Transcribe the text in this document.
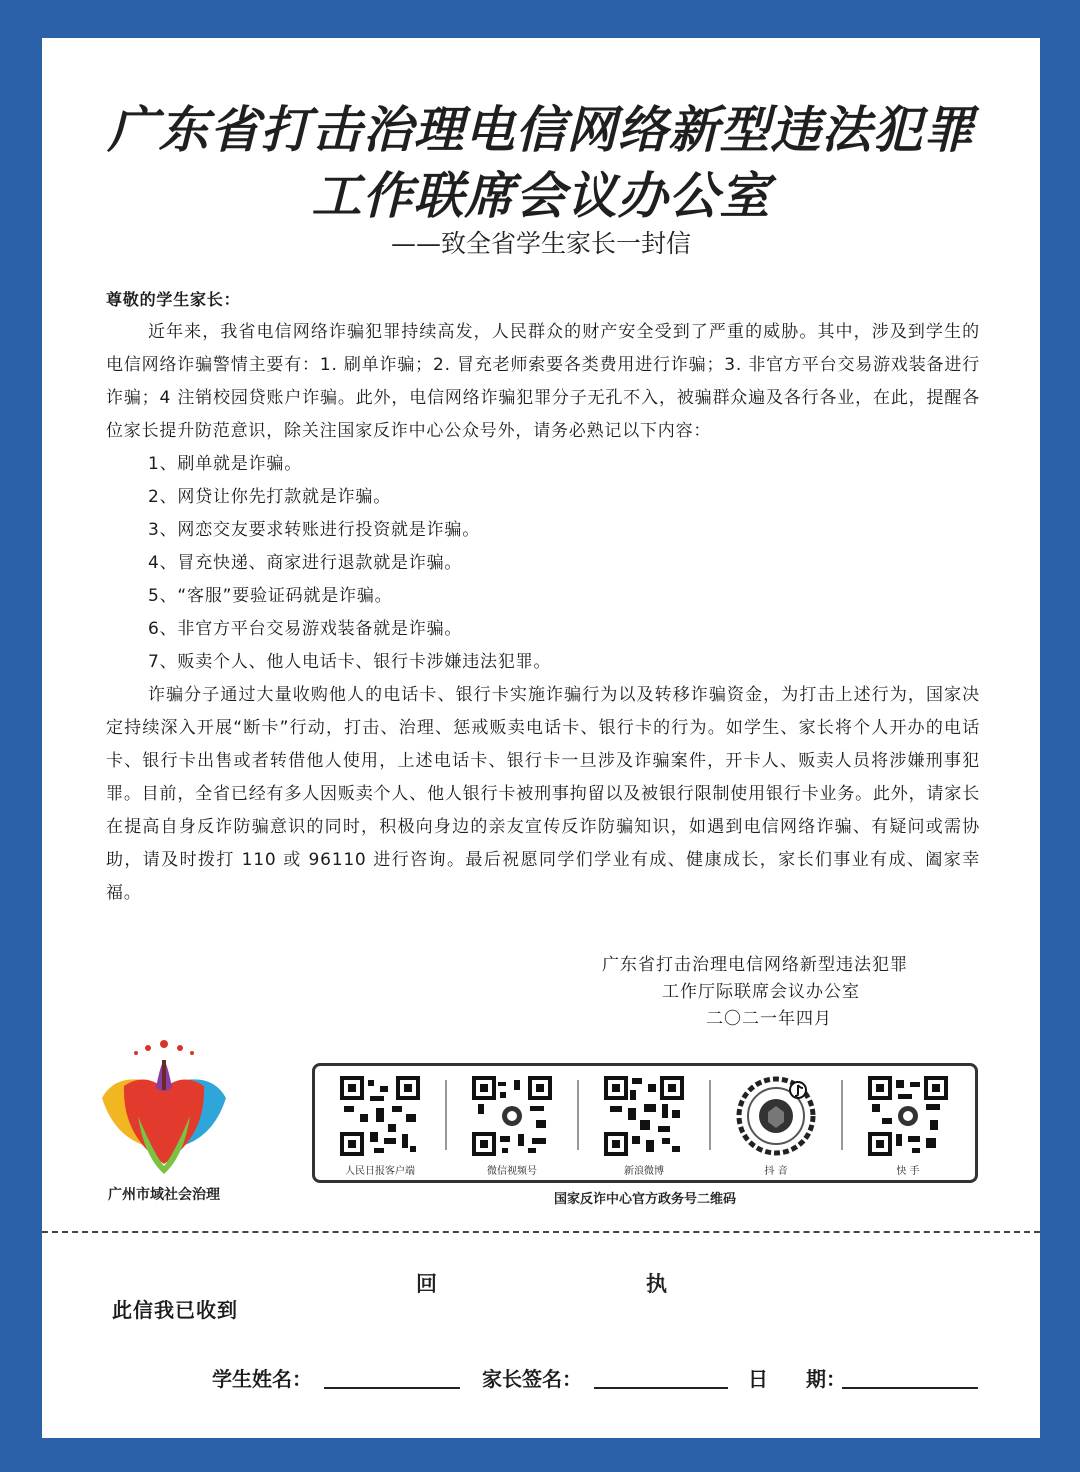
广东省打击治理电信网络新型违法犯罪
工作联席会议办公室
——致全省学生家长一封信
尊敬的学生家长：

近年来，我省电信网络诈骗犯罪持续高发，人民群众的财产安全受到了严重的威胁。其中，涉及到学生的电信网络诈骗警情主要有：1. 刷单诈骗；2. 冒充老师索要各类费用进行诈骗；3. 非官方平台交易游戏装备进行诈骗；4 注销校园贷账户诈骗。此外，电信网络诈骗犯罪分子无孔不入，被骗群众遍及各行各业，在此，提醒各位家长提升防范意识，除关注国家反诈中心公众号外，请务必熟记以下内容：

1、刷单就是诈骗。
2、网贷让你先打款就是诈骗。
3、网恋交友要求转账进行投资就是诈骗。
4、冒充快递、商家进行退款就是诈骗。
5、“客服”要验证码就是诈骗。
6、非官方平台交易游戏装备就是诈骗。
7、贩卖个人、他人电话卡、银行卡涉嫌违法犯罪。

诈骗分子通过大量收购他人的电话卡、银行卡实施诈骗行为以及转移诈骗资金，为打击上述行为，国家决定持续深入开展“断卡”行动，打击、治理、惩戒贩卖电话卡、银行卡的行为。如学生、家长将个人开办的电话卡、银行卡出售或者转借他人使用，上述电话卡、银行卡一旦涉及诈骗案件，开卡人、贩卖人员将涉嫌刑事犯罪。目前，全省已经有多人因贩卖个人、他人银行卡被刑事拘留以及被银行限制使用银行卡业务。此外，请家长在提高自身反诈防骗意识的同时，积极向身边的亲友宣传反诈防骗知识，如遇到电信网络诈骗、有疑问或需协助，请及时拨打 110 或 96110 进行咨询。最后祝愿同学们学业有成、健康成长，家长们事业有成、阖家幸福。

广东省打击治理电信网络新型违法犯罪
工作厅际联席会议办公室
二〇二一年四月
广州市域社会治理
人民日报客户端	微信视频号	新浪微博	抖 音	快 手
国家反诈中心官方政务号二维码
回	执
此信我已收到
学生姓名：	家长签名：	日 期：
